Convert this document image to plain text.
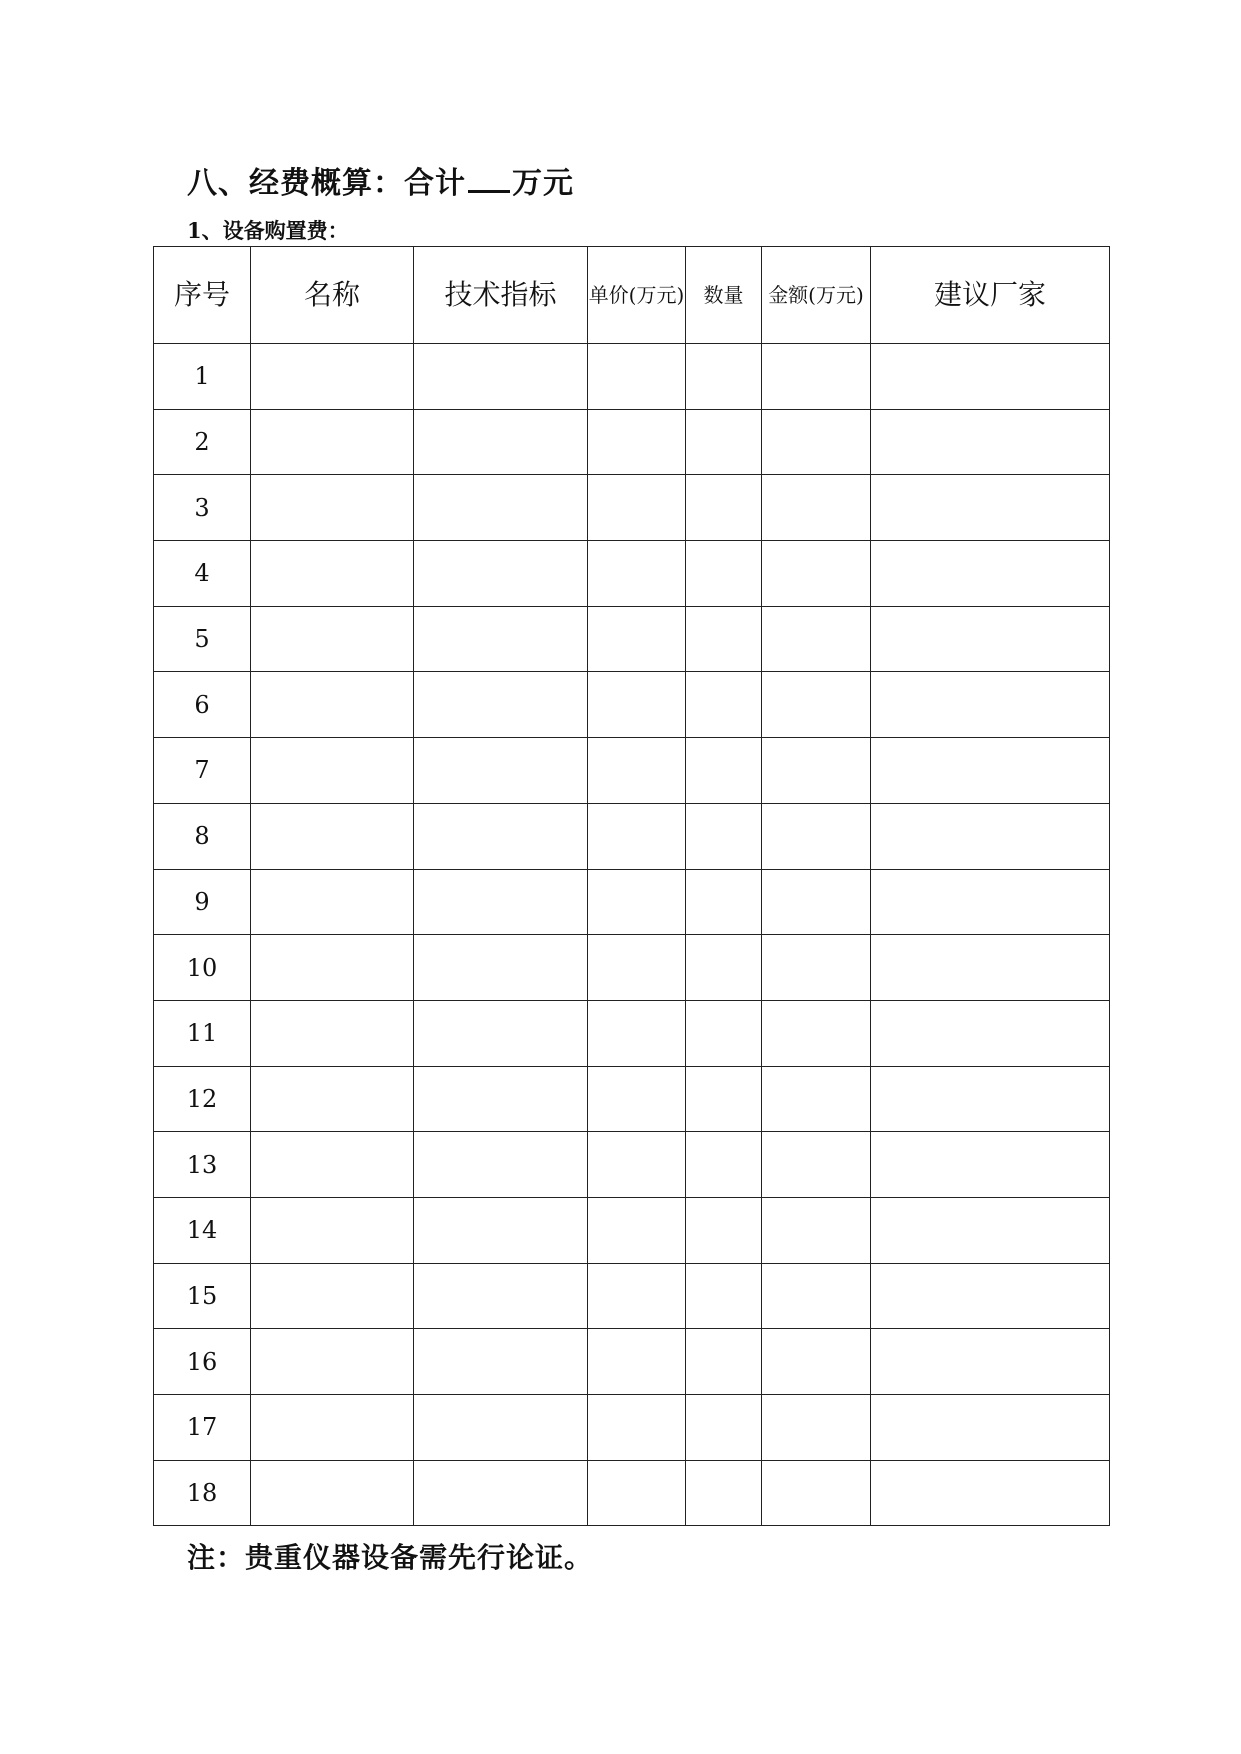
八、经费概算：合计 万元
1、设备购置费：
序号	名称	技术指标	单价(万元)	数量	金额(万元)	建议厂家
1						
2						
3						
4						
5						
6						
7						
8						
9						
10						
11						
12						
13						
14						
15						
16						
17						
18						
注：贵重仪器设备需先行论证。
